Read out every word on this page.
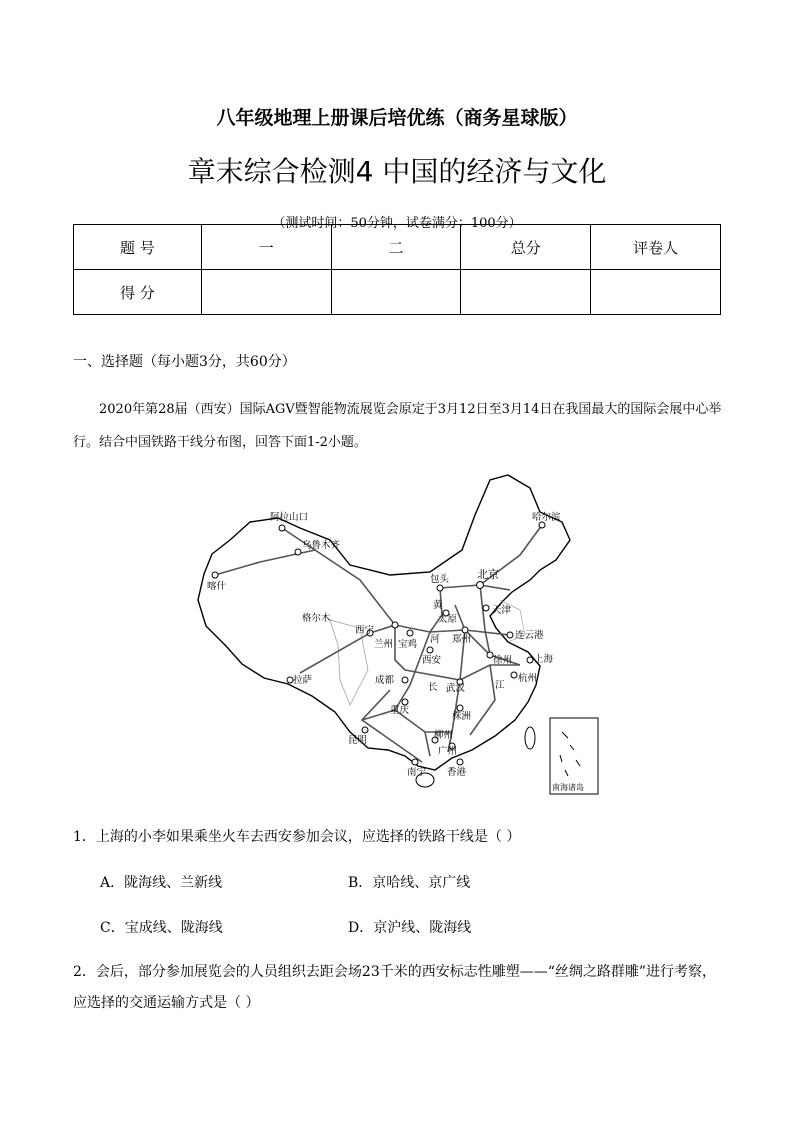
八年级地理上册课后培优练（商务星球版）
章末综合检测4 中国的经济与文化
（测试时间：50分钟，试卷满分：100分）
题 号	一	二	总分	评卷人
得 分				
一、选择题（每小题3分，共60分）
2020年第28届（西安）国际AGV暨智能物流展览会原定于3月12日至3月14日在我国最大的国际会展中心举行。结合中国铁路干线分布图，回答下面1-2小题。
阿拉山口
乌鲁木齐
喀什
哈尔滨
包头	北京
天津
格尔木
西宁
兰州 宝鸡
太原
郑州	连云港
徐州
西安	上海
杭州
拉萨	成都
武汉
重庆
株洲
昆明	柳州
广州
南宁 香港
黄
河
长	江
南海诸岛
1．上海的小李如果乘坐火车去西安参加会议，应选择的铁路干线是（ ）
A．陇海线、兰新线	B．京哈线、京广线
C．宝成线、陇海线	D．京沪线、陇海线
2．会后，部分参加展览会的人员组织去距会场23千米的西安标志性雕塑——“丝绸之路群雕”进行考察，
应选择的交通运输方式是（ ）
